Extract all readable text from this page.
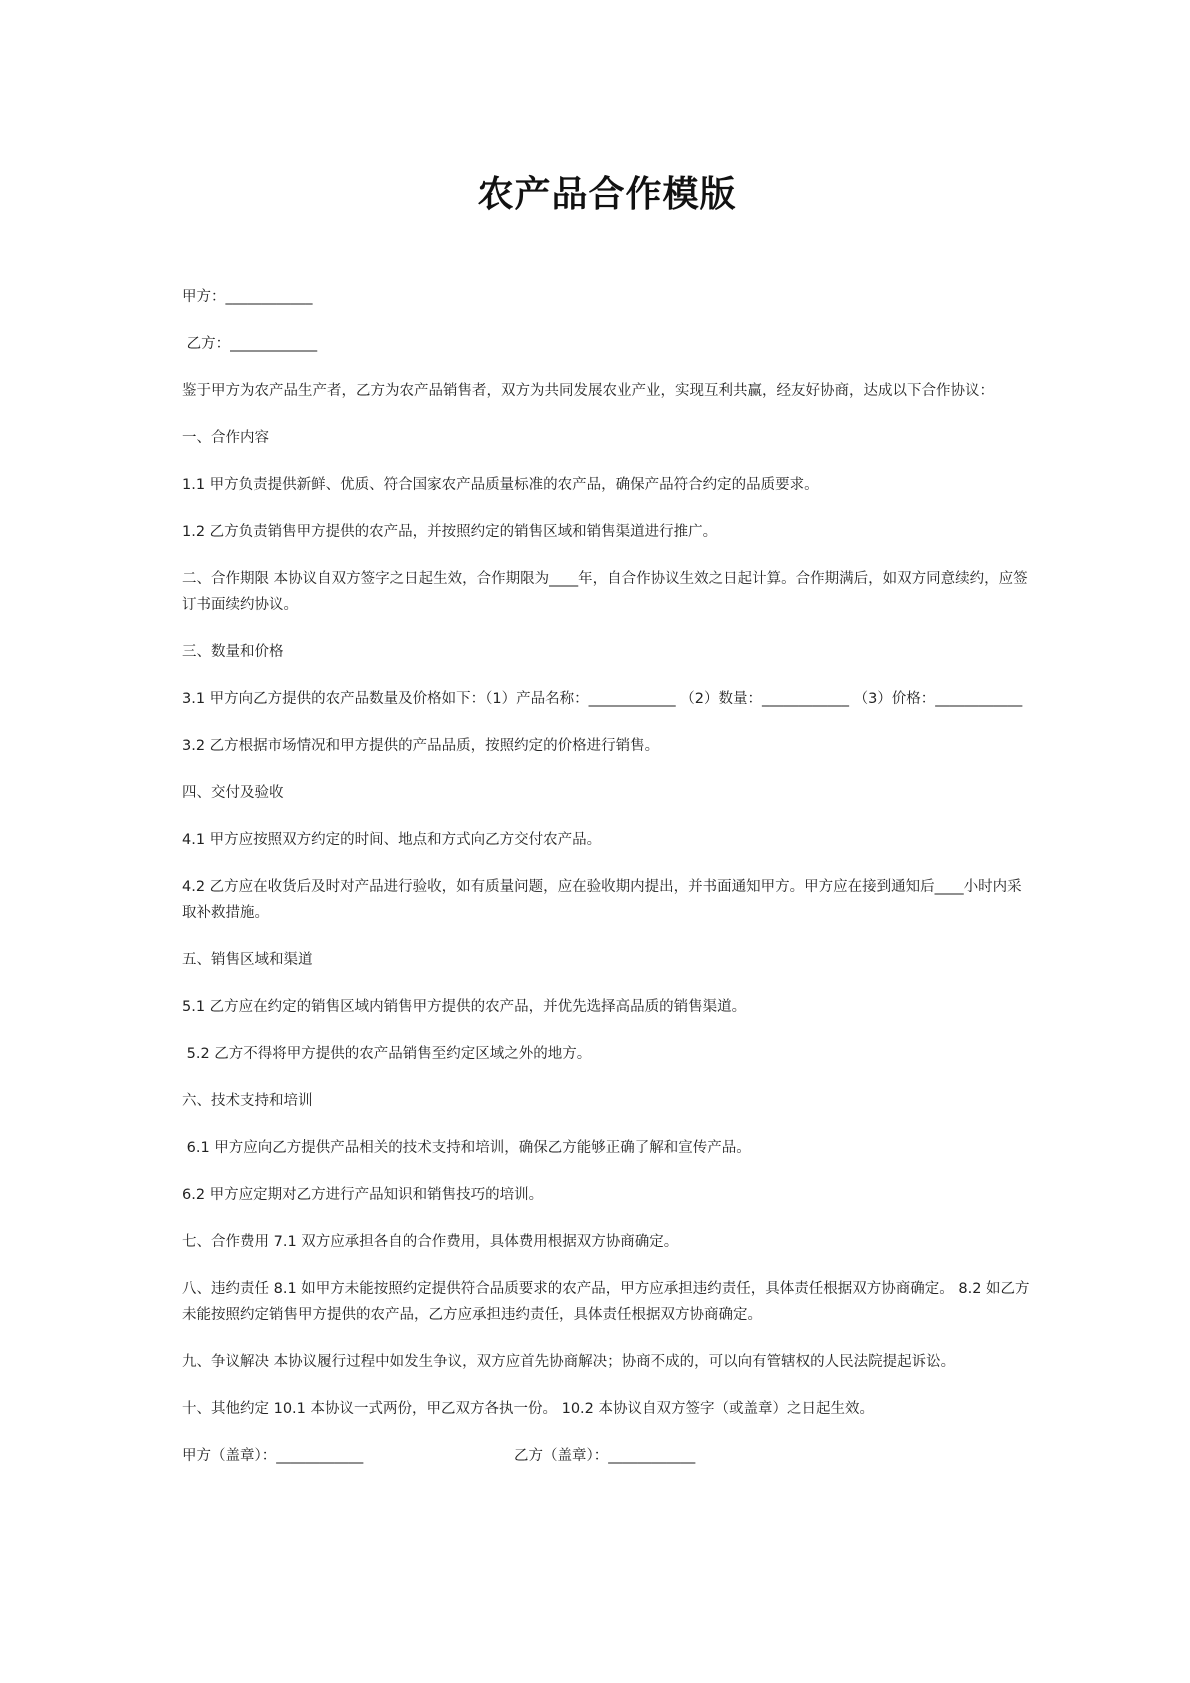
农产品合作模版

甲方：____________

乙方：____________

鉴于甲方为农产品生产者，乙方为农产品销售者，双方为共同发展农业产业，实现互利共赢，经友好协商，达成以下合作协议：

一、合作内容

1.1 甲方负责提供新鲜、优质、符合国家农产品质量标准的农产品，确保产品符合约定的品质要求。

1.2 乙方负责销售甲方提供的农产品，并按照约定的销售区域和销售渠道进行推广。

二、合作期限 本协议自双方签字之日起生效，合作期限为____年，自合作协议生效之日起计算。合作期满后，如双方同意续约，应签订书面续约协议。

三、数量和价格

3.1 甲方向乙方提供的农产品数量及价格如下：（1）产品名称：____________ （2）数量：____________ （3）价格：____________

3.2 乙方根据市场情况和甲方提供的产品品质，按照约定的价格进行销售。

四、交付及验收

4.1 甲方应按照双方约定的时间、地点和方式向乙方交付农产品。

4.2 乙方应在收货后及时对产品进行验收，如有质量问题，应在验收期内提出，并书面通知甲方。甲方应在接到通知后____小时内采取补救措施。

五、销售区域和渠道

5.1 乙方应在约定的销售区域内销售甲方提供的农产品，并优先选择高品质的销售渠道。

5.2 乙方不得将甲方提供的农产品销售至约定区域之外的地方。

六、技术支持和培训

6.1 甲方应向乙方提供产品相关的技术支持和培训，确保乙方能够正确了解和宣传产品。

6.2 甲方应定期对乙方进行产品知识和销售技巧的培训。

七、合作费用 7.1 双方应承担各自的合作费用，具体费用根据双方协商确定。

八、违约责任 8.1 如甲方未能按照约定提供符合品质要求的农产品，甲方应承担违约责任，具体责任根据双方协商确定。 8.2 如乙方未能按照约定销售甲方提供的农产品，乙方应承担违约责任，具体责任根据双方协商确定。

九、争议解决 本协议履行过程中如发生争议，双方应首先协商解决；协商不成的，可以向有管辖权的人民法院提起诉讼。

十、其他约定 10.1 本协议一式两份，甲乙双方各执一份。 10.2 本协议自双方签字（或盖章）之日起生效。

甲方（盖章）：____________	乙方（盖章）：____________
